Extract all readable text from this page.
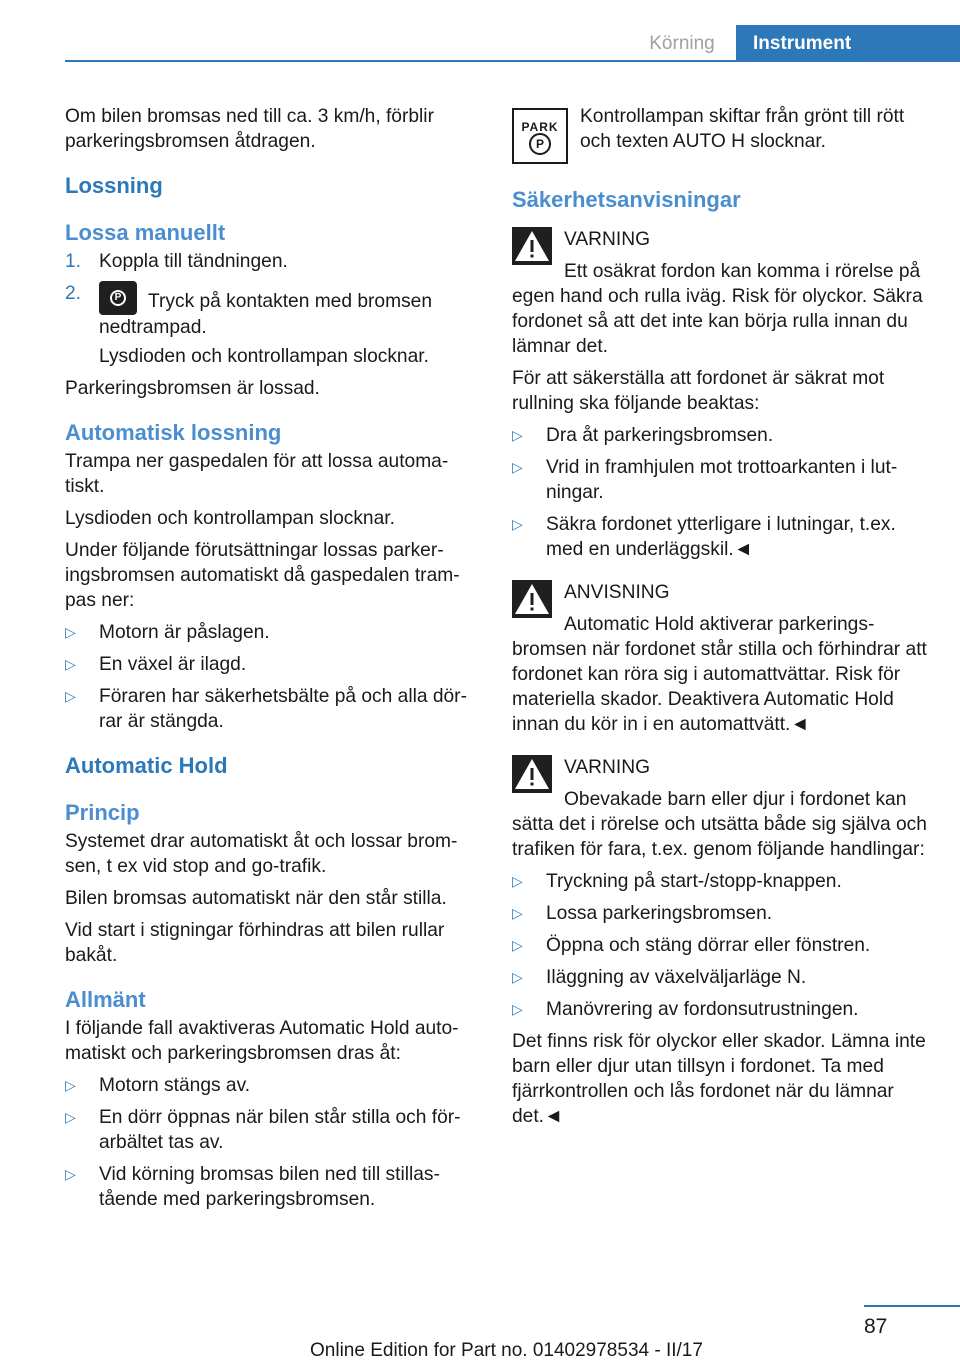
Körning	Instrument
Om bilen bromsas ned till ca. 3 km/h, förblir parkeringsbromsen åtdragen.
Lossning
Lossa manuellt
1. Koppla till tändningen.
2.	P Tryck på kontakten med bromsen nedtrampad.
Lysdioden och kontrollampan slocknar.
Parkeringsbromsen är lossad.
Automatisk lossning
Trampa ner gaspedalen för att lossa automatiskt.
Lysdioden och kontrollampan slocknar.
Under följande förutsättningar lossas parkeringsbromsen automatiskt då gaspedalen trampas ner:
▷ Motorn är påslagen.
▷ En växel är ilagd.
▷ Föraren har säkerhetsbälte på och alla dörrar är stängda.
Automatic Hold
Princip
Systemet drar automatiskt åt och lossar bromsen, t ex vid stop and go-trafik.
Bilen bromsas automatiskt när den står stilla.
Vid start i stigningar förhindras att bilen rullar bakåt.
Allmänt
I följande fall avaktiveras Automatic Hold automatiskt och parkeringsbromsen dras åt:
▷ Motorn stängs av.
▷ En dörr öppnas när bilen står stilla och förarbältet tas av.
▷ Vid körning bromsas bilen ned till stillastående med parkeringsbromsen.
PARK
P
Kontrollampan skiftar från grönt till rött och texten AUTO H slocknar.
Säkerhetsanvisningar
VARNING
Ett osäkrat fordon kan komma i rörelse på egen hand och rulla iväg. Risk för olyckor. Säkra fordonet så att det inte kan börja rulla innan du lämnar det.
För att säkerställa att fordonet är säkrat mot rullning ska följande beaktas:
▷ Dra åt parkeringsbromsen.
▷ Vrid in framhjulen mot trottoarkanten i lutningar.
▷ Säkra fordonet ytterligare i lutningar, t.ex. med en underläggskil.◄
ANVISNING
Automatic Hold aktiverar parkeringsbromsen när fordonet står stilla och förhindrar att fordonet kan röra sig i automattvättar. Risk för materiella skador. Deaktivera Automatic Hold innan du kör in i en automattvätt.◄
VARNING
Obevakade barn eller djur i fordonet kan sätta det i rörelse och utsätta både sig själva och trafiken för fara, t.ex. genom följande handlingar:
▷ Tryckning på start-/stopp-knappen.
▷ Lossa parkeringsbromsen.
▷ Öppna och stäng dörrar eller fönstren.
▷ Iläggning av växelväljarläge N.
▷ Manövrering av fordonsutrustningen.
Det finns risk för olyckor eller skador. Lämna inte barn eller djur utan tillsyn i fordonet. Ta med fjärrkontrollen och lås fordonet när du lämnar det.◄
87
Online Edition for Part no. 01402978534 - II/17
